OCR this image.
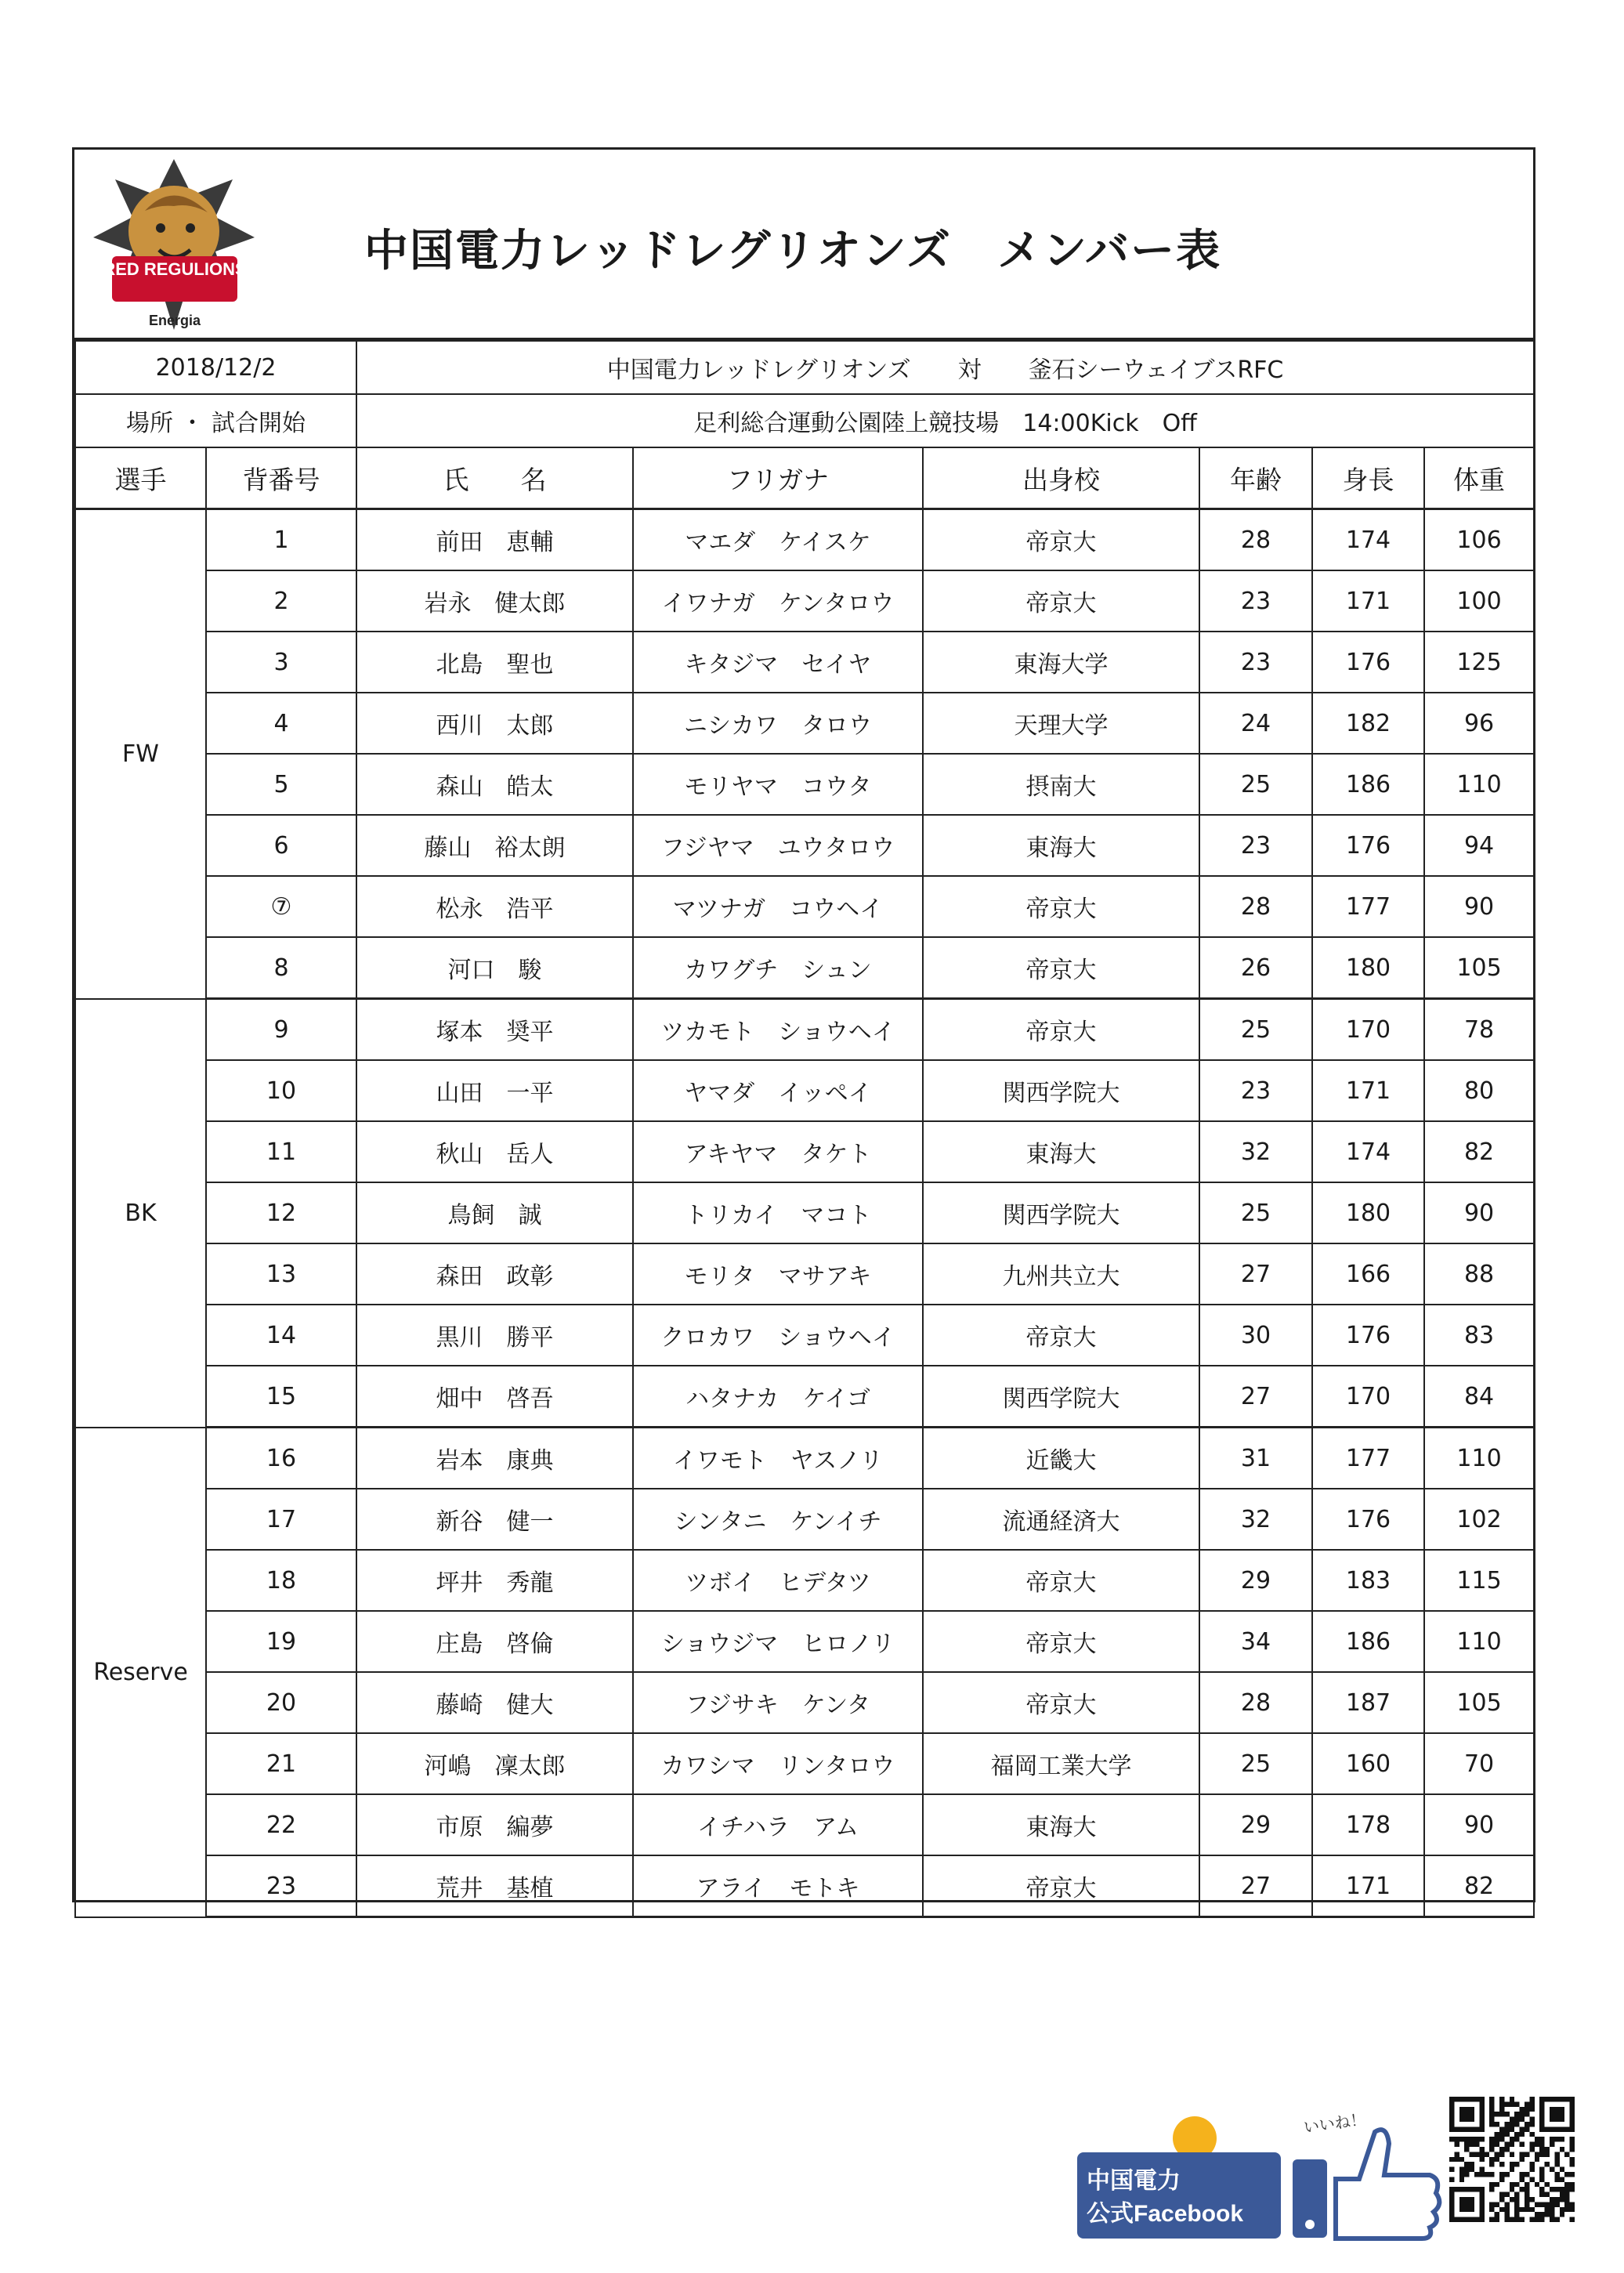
RED REGULIONS
Energia
中国電力レッドレグリオンズ　メンバー表
2018/12/2		中国電力レッドレグリオンズ　　対　　釜石シーウェイブスRFC					
場所 ・ 試合開始		足利総合運動公園陸上競技場　14:00Kick　Off					
選手	背番号	氏　　名	フリガナ	出身校	年齢	身長	体重
FW	1	前田　恵輔	マエダ　ケイスケ	帝京大	28	174	106
	2	岩永　健太郎	イワナガ　ケンタロウ	帝京大	23	171	100
	3	北島　聖也	キタジマ　セイヤ	東海大学	23	176	125
	4	西川　太郎	ニシカワ　タロウ	天理大学	24	182	96
	5	森山　皓太	モリヤマ　コウタ	摂南大	25	186	110
	6	藤山　裕太朗	フジヤマ　ユウタロウ	東海大	23	176	94
	⑦	松永　浩平	マツナガ　コウヘイ	帝京大	28	177	90
	8	河口　駿	カワグチ　シュン	帝京大	26	180	105
BK	9	塚本　奨平	ツカモト　ショウヘイ	帝京大	25	170	78
	10	山田　一平	ヤマダ　イッペイ	関西学院大	23	171	80
	11	秋山　岳人	アキヤマ　タケト	東海大	32	174	82
	12	鳥飼　誠	トリカイ　マコト	関西学院大	25	180	90
	13	森田　政彰	モリタ　マサアキ	九州共立大	27	166	88
	14	黒川　勝平	クロカワ　ショウヘイ	帝京大	30	176	83
	15	畑中　啓吾	ハタナカ　ケイゴ	関西学院大	27	170	84
Reserve	16	岩本　康典	イワモト　ヤスノリ	近畿大	31	177	110
	17	新谷　健一	シンタニ　ケンイチ	流通経済大	32	176	102
	18	坪井　秀龍	ツボイ　ヒデタツ	帝京大	29	183	115
	19	庄島　啓倫	ショウジマ　ヒロノリ	帝京大	34	186	110
	20	藤崎　健大	フジサキ　ケンタ	帝京大	28	187	105
	21	河嶋　凜太郎	カワシマ　リンタロウ	福岡工業大学	25	160	70
	22	市原　編夢	イチハラ　アム	東海大	29	178	90
	23	荒井　基植	アライ　モトキ	帝京大	27	171	82
中国電力
公式Facebook
いいね！
